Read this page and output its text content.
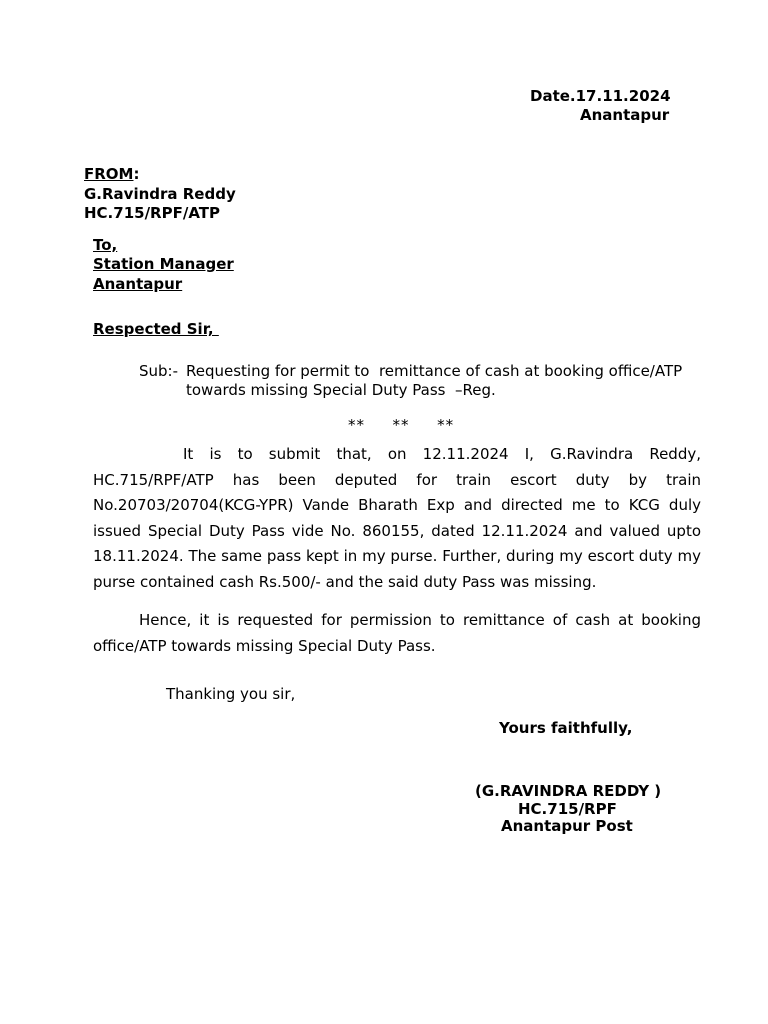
Date.17.11.2024
Anantapur
FROM:
G.Ravindra Reddy
HC.715/RPF/ATP
To,
Station Manager
Anantapur
Respected Sir,
Sub:- Requesting for permit to  remittance of cash at booking office/ATP
towards missing Special Duty Pass  –Reg.
**  **  **

It is to submit that, on 12.11.2024 I, G.Ravindra Reddy, HC.715/RPF/ATP has been deputed for train escort duty by train No.20703/20704(KCG-YPR) Vande Bharath Exp and directed me to KCG duly issued Special Duty Pass vide No. 860155, dated 12.11.2024 and valued upto 18.11.2024. The same pass kept in my purse. Further, during my escort duty my purse contained cash Rs.500/- and the said duty Pass was missing.

Hence, it is requested for permission to remittance of cash at booking office/ATP towards missing Special Duty Pass.

Thanking you sir,
Yours faithfully,
(G.RAVINDRA REDDY )
HC.715/RPF
Anantapur Post
